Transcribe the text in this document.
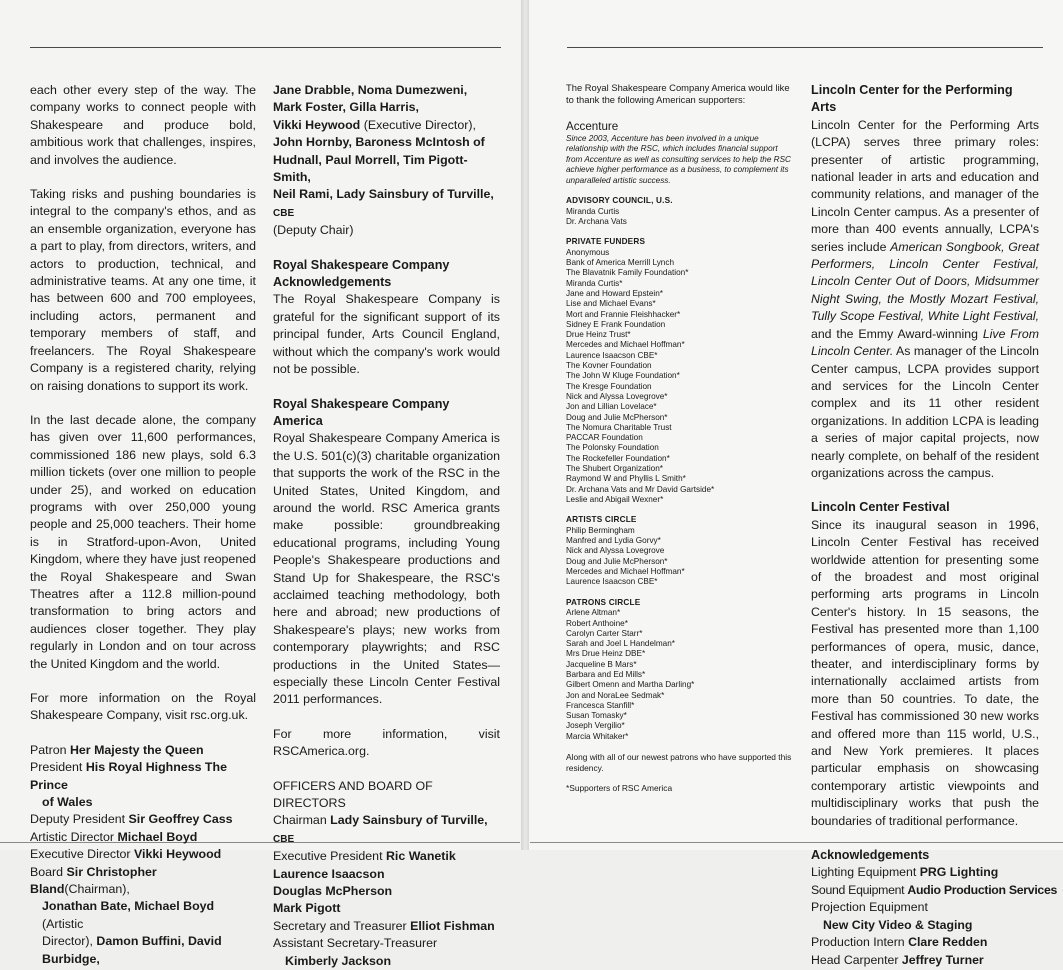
each other every step of the way. The company works to connect people with Shakespeare and produce bold, ambitious work that challenges, inspires, and involves the audience.

Taking risks and pushing boundaries is integral to the company's ethos, and as an ensemble organization, everyone has a part to play, from directors, writers, and actors to production, technical, and administrative teams. At any one time, it has between 600 and 700 employees, including actors, permanent and temporary members of staff, and freelancers. The Royal Shakespeare Company is a registered charity, relying on raising donations to support its work.

In the last decade alone, the company has given over 11,600 performances, commissioned 186 new plays, sold 6.3 million tickets (over one million to people under 25), and worked on education programs with over 250,000 young people and 25,000 teachers. Their home is in Stratford-upon-Avon, United Kingdom, where they have just reopened the Royal Shakespeare and Swan Theatres after a 112.8 million-pound transformation to bring actors and audiences closer together. They play regularly in London and on tour across the United Kingdom and the world.

For more information on the Royal Shakespeare Company, visit rsc.org.uk.

Patron Her Majesty the Queen
President His Royal Highness The Prince
of Wales
Deputy President Sir Geoffrey Cass
Artistic Director Michael Boyd
Executive Director Vikki Heywood
Board Sir Christopher Bland(Chairman),
Jonathan Bate, Michael Boyd (Artistic
Director), Damon Buffini, David Burbidge,
Jane Drabble, Noma Dumezweni,
Mark Foster, Gilla Harris,
Vikki Heywood (Executive Director),
John Hornby, Baroness McIntosh of
Hudnall, Paul Morrell, Tim Pigott-Smith,
Neil Rami, Lady Sainsbury of Turville, CBE
(Deputy Chair)
Royal Shakespeare Company
Acknowledgements

The Royal Shakespeare Company is grateful for the significant support of its principal funder, Arts Council England, without which the company's work would not be possible.

Royal Shakespeare Company America

Royal Shakespeare Company America is the U.S. 501(c)(3) charitable organization that supports the work of the RSC in the United States, United Kingdom, and around the world. RSC America grants make possible: groundbreaking educational programs, including Young People's Shakespeare productions and Stand Up for Shakespeare, the RSC's acclaimed teaching methodology, both here and abroad; new productions of Shakespeare's plays; new works from contemporary playwrights; and RSC productions in the United States—especially these Lincoln Center Festival 2011 performances.

For more information, visit RSCAmerica.org.

OFFICERS AND BOARD OF DIRECTORS
Chairman Lady Sainsbury of Turville, CBE
Executive President Ric Wanetik
Laurence Isaacson
Douglas McPherson
Mark Pigott
Secretary and Treasurer Elliot Fishman
Assistant Secretary-Treasurer
Kimberly Jackson

The Royal Shakespeare Company America would like to thank the following American supporters:

Accenture

Since 2003, Accenture has been involved in a unique relationship with the RSC, which includes financial support from Accenture as well as consulting services to help the RSC achieve higher performance as a business, to complement its unparalleled artistic success.

ADVISORY COUNCIL, U.S.
Miranda Curtis
Dr. Archana Vats
PRIVATE FUNDERS
Anonymous
Bank of America Merrill Lynch
The Blavatnik Family Foundation*
Miranda Curtis*
Jane and Howard Epstein*
Lise and Michael Evans*
Mort and Frannie Fleishhacker*
Sidney E Frank Foundation
Drue Heinz Trust*
Mercedes and Michael Hoffman*
Laurence Isaacson CBE*
The Kovner Foundation
The John W Kluge Foundation*
The Kresge Foundation
Nick and Alyssa Lovegrove*
Jon and Lillian Lovelace*
Doug and Julie McPherson*
The Nomura Charitable Trust
PACCAR Foundation
The Polonsky Foundation
The Rockefeller Foundation*
The Shubert Organization*
Raymond W and Phyllis L Smith*
Dr. Archana Vats and Mr David Gartside*
Leslie and Abigail Wexner*
ARTISTS CIRCLE
Philip Bermingham
Manfred and Lydia Gorvy*
Nick and Alyssa Lovegrove
Doug and Julie McPherson*
Mercedes and Michael Hoffman*
Laurence Isaacson CBE*
PATRONS CIRCLE
Arlene Altman*
Robert Anthoine*
Carolyn Carter Starr*
Sarah and Joel L Handelman*
Mrs Drue Heinz DBE*
Jacqueline B Mars*
Barbara and Ed Mills*
Gilbert Omenn and Martha Darling*
Jon and NoraLee Sedmak*
Francesca Stanfill*
Susan Tomasky*
Joseph Vergilio*
Marcia Whitaker*

Along with all of our newest patrons who have supported this residency.

*Supporters of RSC America

Lincoln Center for the Performing Arts

Lincoln Center for the Performing Arts (LCPA) serves three primary roles: presenter of artistic programming, national leader in arts and education and community relations, and manager of the Lincoln Center campus. As a presenter of more than 400 events annually, LCPA's series include American Songbook, Great Performers, Lincoln Center Festival, Lincoln Center Out of Doors, Midsummer Night Swing, the Mostly Mozart Festival, Tully Scope Festival, White Light Festival, and the Emmy Award-winning Live From Lincoln Center. As manager of the Lincoln Center campus, LCPA provides support and services for the Lincoln Center complex and its 11 other resident organizations. In addition LCPA is leading a series of major capital projects, now nearly complete, on behalf of the resident organizations across the campus.

Lincoln Center Festival

Since its inaugural season in 1996, Lincoln Center Festival has received worldwide attention for presenting some of the broadest and most original performing arts programs in Lincoln Center's history. In 15 seasons, the Festival has presented more than 1,100 performances of opera, music, dance, theater, and interdisciplinary forms by internationally acclaimed artists from more than 50 countries. To date, the Festival has commissioned 30 new works and offered more than 115 world, U.S., and New York premieres. It places particular emphasis on showcasing contemporary artistic viewpoints and multidisciplinary works that push the boundaries of traditional performance.

Acknowledgements
Lighting Equipment PRG Lighting
Sound Equipment Audio Production Services
Projection Equipment
New City Video & Staging
Production Intern Clare Redden
Head Carpenter Jeffrey Turner
